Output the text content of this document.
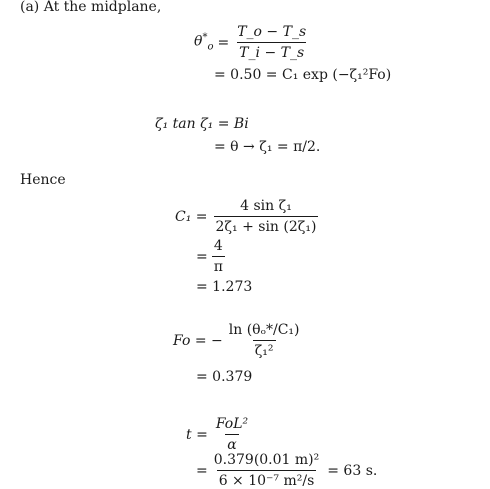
(a) At the midplane,
$\theta^*_o = \frac{T\_o - T\_s}{T\_i - T\_s}$
= 0.50 = C₁ exp (−ζ₁²Fo)
ζ₁ tan ζ₁ = Bi
= θ → ζ₁ = π/2.
Hence
$C_1 = \frac{\text{4 sin ζ₁}}{\text{2ζ₁ + sin (2ζ₁)}}$
= $\frac{4}{\pi}$
= 1.273
Fo = − $\frac{\text{ln (θₒ*/C₁)}}{\text{ζ₁²}}$
= 0.379
$t = \frac{\text{FoL²}}{\alpha}$
= $\frac{\text{0.379(0.01 m)²}}{\text{6 × 10⁻⁷ m²/s}} = 63$ s.
